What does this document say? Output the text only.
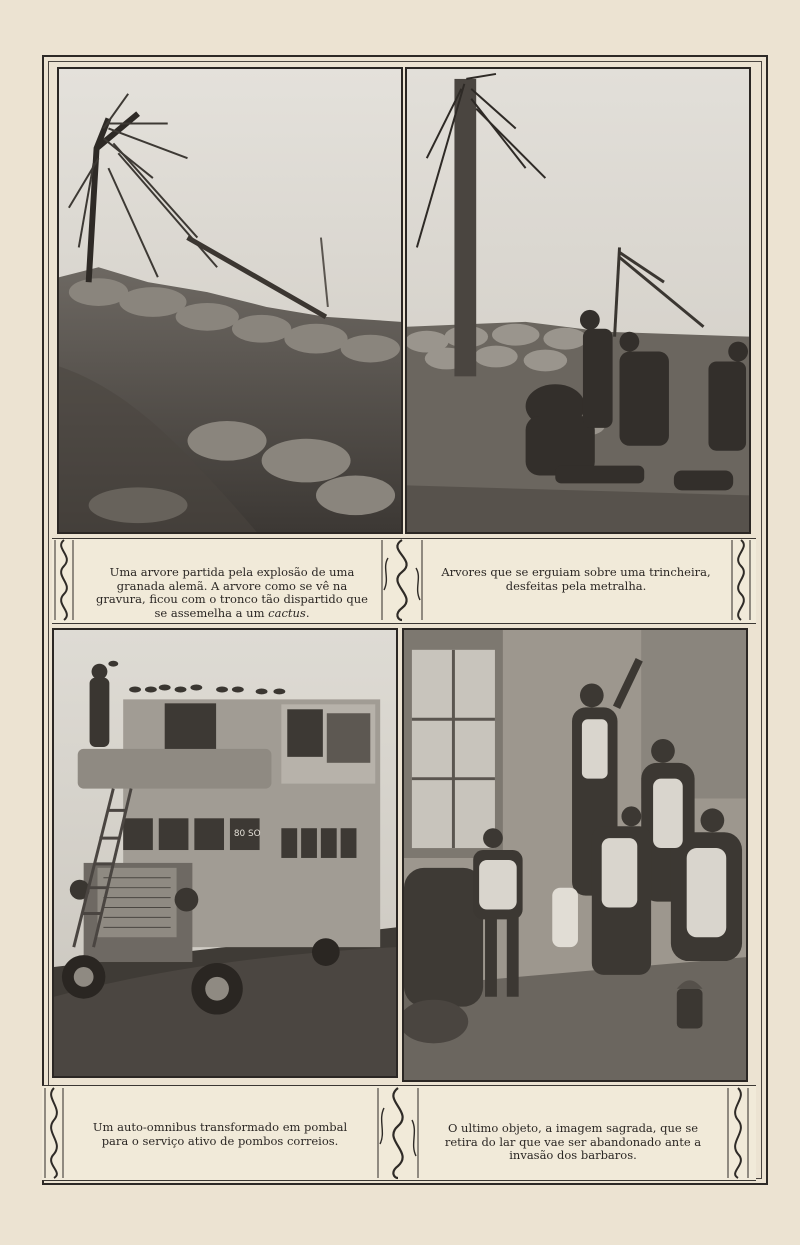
Uma arvore partida pela explosão de uma granada alemã. A arvore como se vê na gravura, ficou com o tronco tão dispartido que se assemelha a um cactus.
Arvores que se erguiam sobre uma trincheira, desfeitas pela metralha.
80 SO
Um auto-omnibus transformado em pombal para o serviço ativo de pombos correios.
O ultimo objeto, a imagem sagrada, que se retira do lar que vae ser abandonado ante a invasão dos barbaros.
